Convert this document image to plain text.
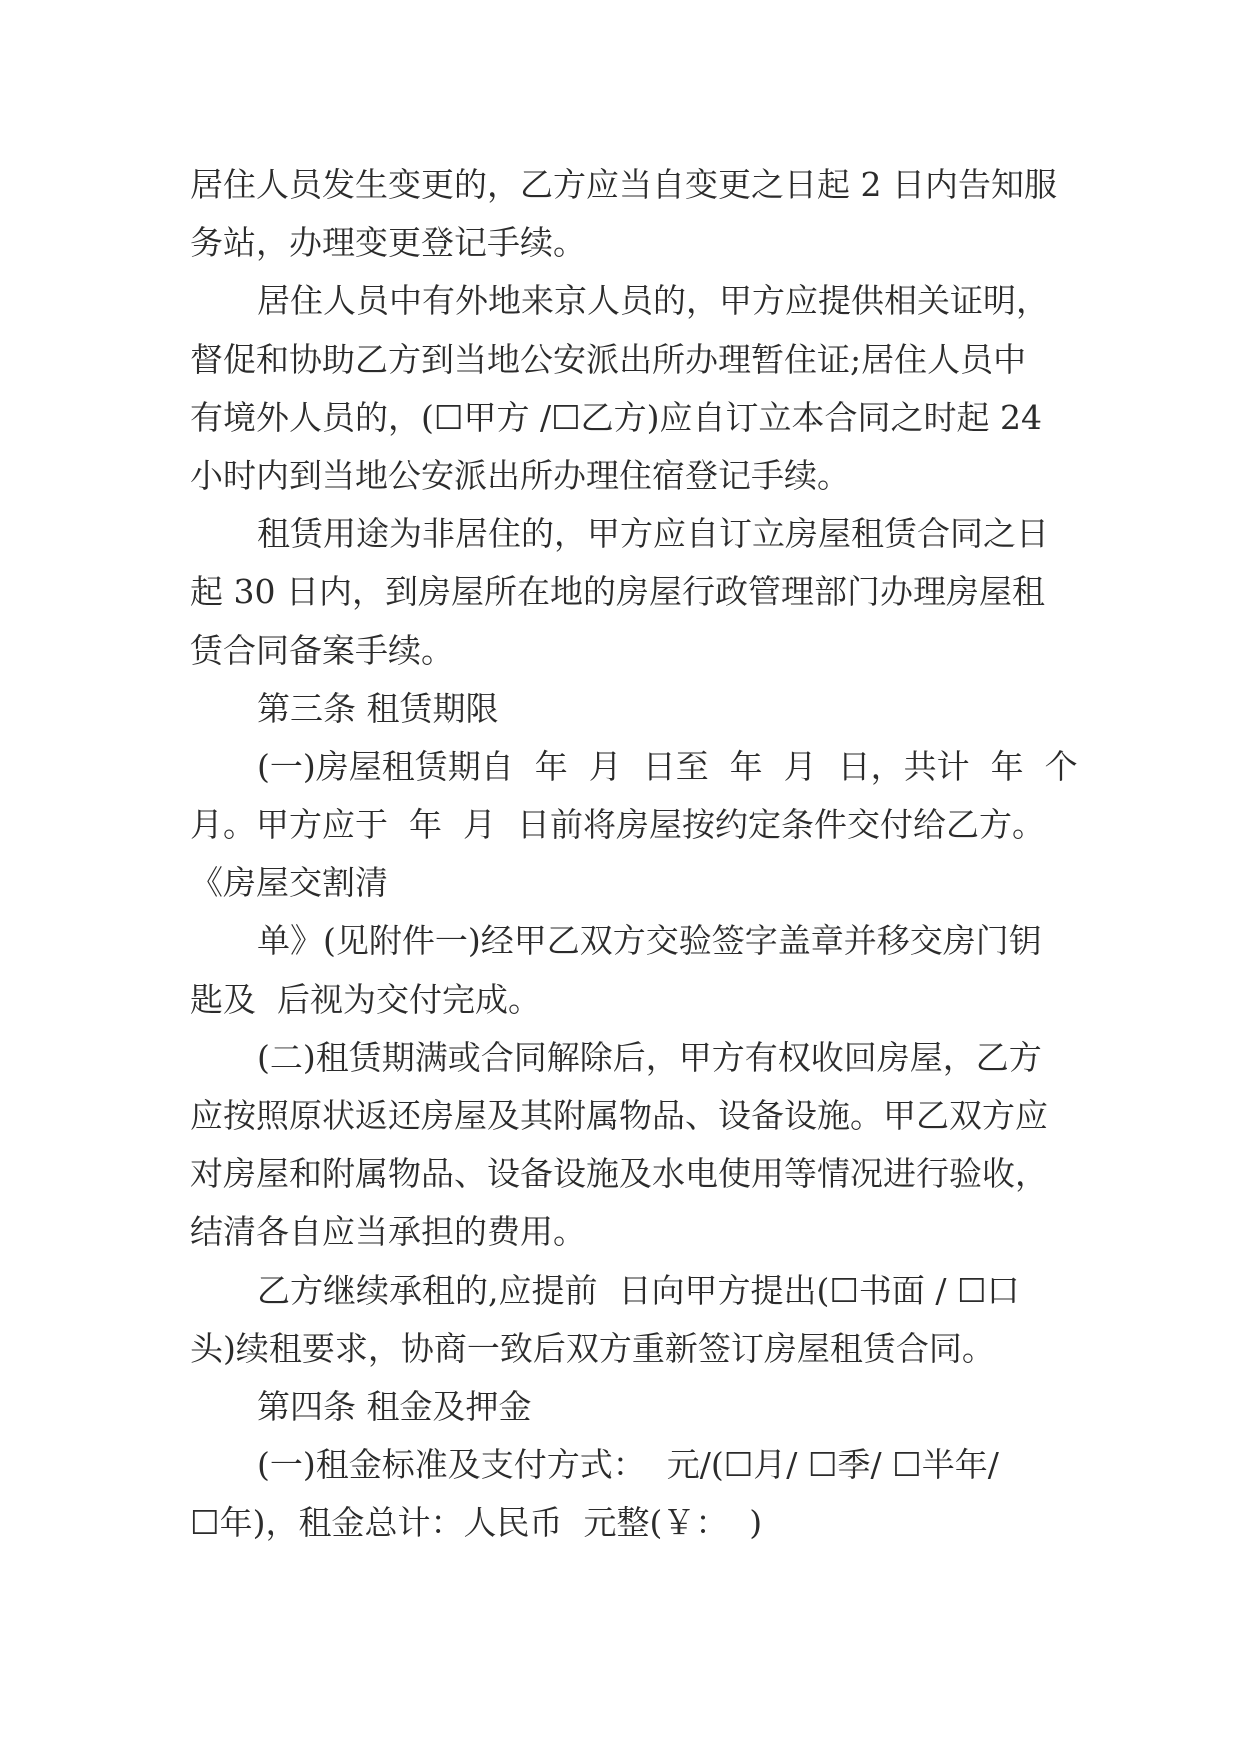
居住人员发生变更的，乙方应当自变更之日起 2 日内告知服
务站，办理变更登记手续。
居住人员中有外地来京人员的，甲方应提供相关证明，
督促和协助乙方到当地公安派出所办理暂住证;居住人员中
有境外人员的，(☐甲方 /☐乙方)应自订立本合同之时起 24
小时内到当地公安派出所办理住宿登记手续。
租赁用途为非居住的，甲方应自订立房屋租赁合同之日
起 30 日内，到房屋所在地的房屋行政管理部门办理房屋租
赁合同备案手续。
第三条 租赁期限
(一)房屋租赁期自  年  月  日至  年  月  日，共计  年  个
月。甲方应于  年  月  日前将房屋按约定条件交付给乙方。
《房屋交割清
单》(见附件一)经甲乙双方交验签字盖章并移交房门钥
匙及  后视为交付完成。
(二)租赁期满或合同解除后，甲方有权收回房屋，乙方
应按照原状返还房屋及其附属物品、设备设施。甲乙双方应
对房屋和附属物品、设备设施及水电使用等情况进行验收，
结清各自应当承担的费用。
乙方继续承租的,应提前  日向甲方提出(☐书面 / ☐口
头)续租要求，协商一致后双方重新签订房屋租赁合同。
第四条 租金及押金
(一)租金标准及支付方式：  元/(☐月/ ☐季/ ☐半年/
☐年)，租金总计：人民币  元整(￥：  )
